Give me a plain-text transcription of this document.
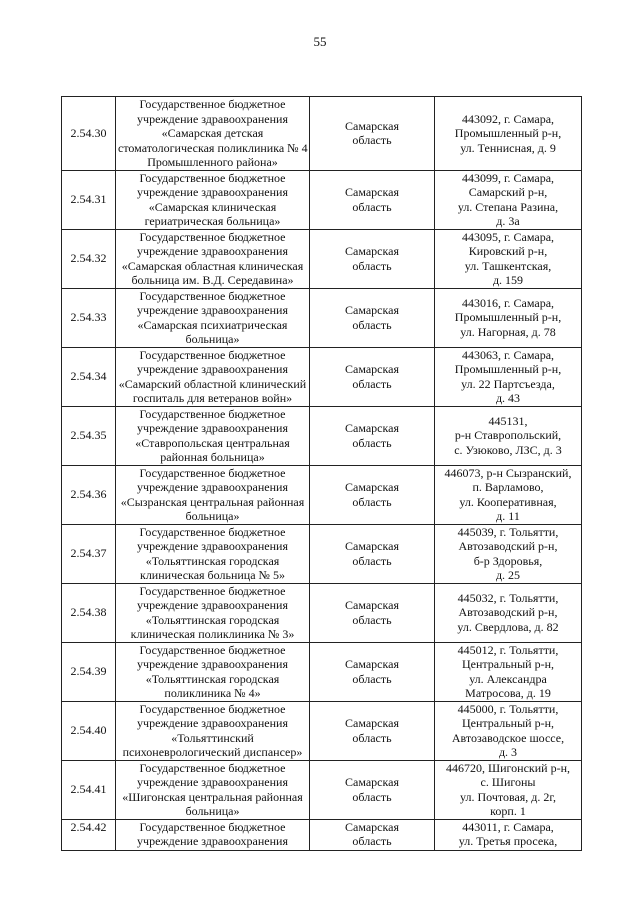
55
2.54.30	Государственное бюджетное
учреждение здравоохранения
«Самарская детская
стоматологическая поликлиника № 4
Промышленного района»	Самарская
область	443092, г. Самара,
Промышленный р-н,
ул. Теннисная, д. 9

2.54.31	Государственное бюджетное
учреждение здравоохранения
«Самарская клиническая
гериатрическая больница»	Самарская
область	443099, г. Самара,
Самарский р-н,
ул. Степана Разина,
д. 3а

2.54.32	Государственное бюджетное
учреждение здравоохранения
«Самарская областная клиническая
больница им. В.Д. Середавина»	Самарская
область	443095, г. Самара,
Кировский р-н,
ул. Ташкентская,
д. 159

2.54.33	Государственное бюджетное
учреждение здравоохранения
«Самарская психиатрическая
больница»	Самарская
область	443016, г. Самара,
Промышленный р-н,
ул. Нагорная, д. 78

2.54.34	Государственное бюджетное
учреждение здравоохранения
«Самарский областной клинический
госпиталь для ветеранов войн»	Самарская
область	443063, г. Самара,
Промышленный р-н,
ул. 22 Партсъезда,
д. 43

2.54.35	Государственное бюджетное
учреждение здравоохранения
«Ставропольская центральная
районная больница»	Самарская
область	445131,
р-н Ставропольский,
с. Узюково, ЛЗС, д. 3

2.54.36	Государственное бюджетное
учреждение здравоохранения
«Сызранская центральная районная
больница»	Самарская
область	446073, р-н Сызранский,
п. Варламово,
ул. Кооперативная,
д. 11

2.54.37	Государственное бюджетное
учреждение здравоохранения
«Тольяттинская городская
клиническая больница № 5»	Самарская
область	445039, г. Тольятти,
Автозаводский р-н,
б-р Здоровья,
д. 25

2.54.38	Государственное бюджетное
учреждение здравоохранения
«Тольяттинская городская
клиническая поликлиника № 3»	Самарская
область	445032, г. Тольятти,
Автозаводский р-н,
ул. Свердлова, д. 82

2.54.39	Государственное бюджетное
учреждение здравоохранения
«Тольяттинская городская
поликлиника № 4»	Самарская
область	445012, г. Тольятти,
Центральный р-н,
ул. Александра
Матросова, д. 19

2.54.40	Государственное бюджетное
учреждение здравоохранения
«Тольяттинский
психоневрологический диспансер»	Самарская
область	445000, г. Тольятти,
Центральный р-н,
Автозаводское шоссе,
д. 3

2.54.41	Государственное бюджетное
учреждение здравоохранения
«Шигонская центральная районная
больница»	Самарская
область	446720, Шигонский р-н,
с. Шигоны
ул. Почтовая, д. 2г,
корп. 1

2.54.42	Государственное бюджетное
учреждение здравоохранения	Самарская
область	443011, г. Самара,
ул. Третья просека,
